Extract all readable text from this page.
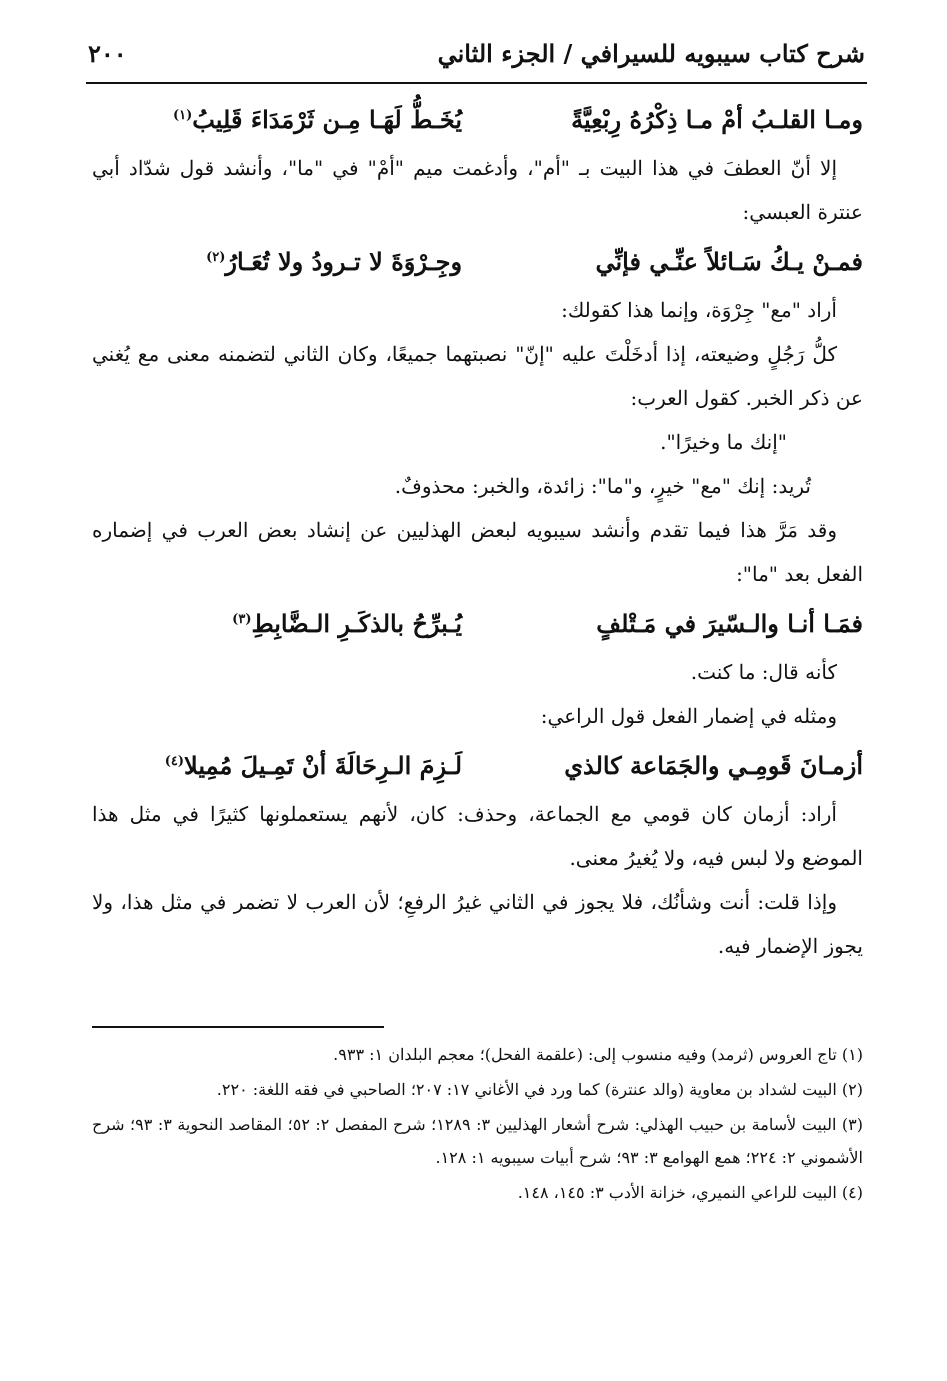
شرح كتاب سيبويه للسيرافي / الجزء الثاني
٢٠٠
ومـا القلـبُ أمْ مـا ذِكْرُهُ رِبْعِيَّةً
يُخَـطُّ لَهَـا مِـن ثَرْمَدَاءَ قَلِيبُ$^{(١)}$

إلا أنّ العطفَ في هذا البيت بـ "أم"، وأدغمت ميم "أمْ" في "ما"، وأنشد قول شدّاد أبي عنترة العبسي:

فمـنْ يـكُ سَـائلاً عنِّـي فإنِّي
وجِـرْوَةَ لا تـرودُ ولا تُعَـارُ$^{(٢)}$

أراد "مع" جِرْوَة، وإنما هذا كقولك:

كلُّ رَجُلٍ وضيعته، إذا أدخَلْتَ عليه "إنّ" نصبتهما جميعًا، وكان الثاني لتضمنه معنى مع يُغني عن ذكر الخبر. كقول العرب:

"إنك ما وخيرًا".

تُريد: إنك "مع" خيرٍ، و"ما": زائدة، والخبر: محذوفٌ.

وقد مَرَّ هذا فيما تقدم وأنشد سيبويه لبعض الهذليين عن إنشاد بعض العرب في إضماره الفعل بعد "ما":

فمَـا أنـا والـسّيرَ في مَـتْلفٍ
يُـبرِّحُ بالذكَـرِ الـضَّابِطِ$^{(٣)}$

كأنه قال: ما كنت.

ومثله في إضمار الفعل قول الراعي:

أزمـانَ قَومِـي والجَمَاعة كالذي
لَـزِمَ الـرِحَالَةَ أنْ تَمِـيلَ مُمِيلا$^{(٤)}$

أراد: أزمان كان قومي مع الجماعة، وحذف: كان، لأنهم يستعملونها كثيرًا في مثل هذا الموضع ولا لبس فيه، ولا يُغيرُ معنى.

وإذا قلت: أنت وشأنُك، فلا يجوز في الثاني غيرُ الرفعِ؛ لأن العرب لا تضمر في مثل هذا، ولا يجوز الإضمار فيه.

(١) تاج العروس (ثرمد) وفيه منسوب إلى: (علقمة الفحل)؛ معجم البلدان ١: ٩٣٣.

(٢) البيت لشداد بن معاوية (والد عنترة) كما ورد في الأغاني ١٧: ٢٠٧؛ الصاحبي في فقه اللغة: ٢٢٠.

(٣) البيت لأسامة بن حبيب الهذلي: شرح أشعار الهذليين ٣: ١٢٨٩؛ شرح المفصل ٢: ٥٢؛ المقاصد النحوية ٣: ٩٣؛ شرح الأشموني ٢: ٢٢٤؛ همع الهوامع ٣: ٩٣؛ شرح أبيات سيبويه ١: ١٢٨.

(٤) البيت للراعي النميري، خزانة الأدب ٣: ١٤٥، ١٤٨.
